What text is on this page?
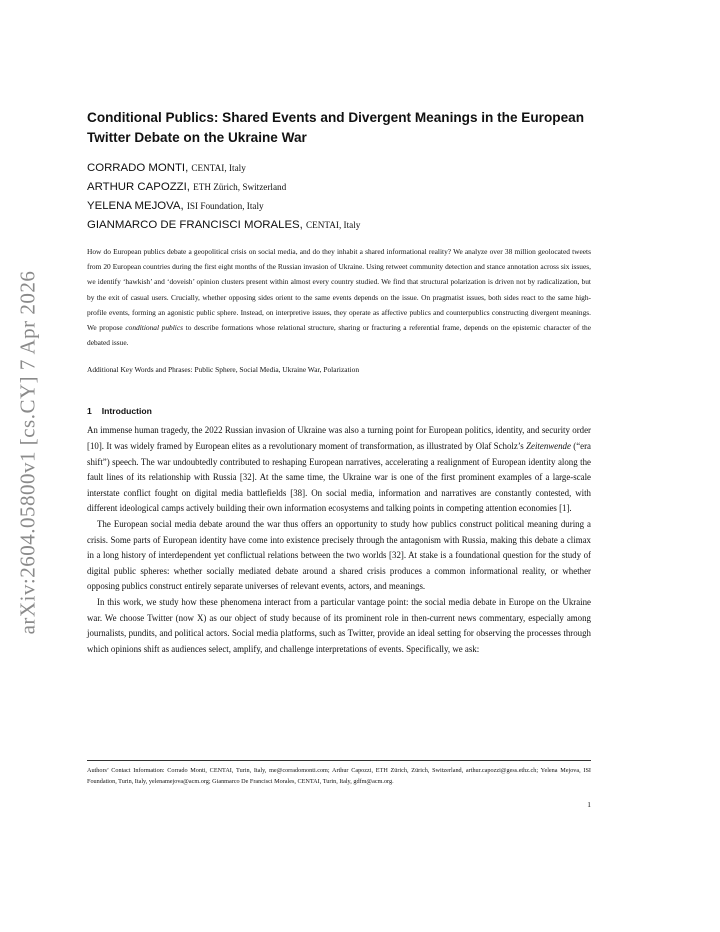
arXiv:2604.05800v1 [cs.CY] 7 Apr 2026
Conditional Publics: Shared Events and Divergent Meanings in the European Twitter Debate on the Ukraine War
CORRADO MONTI, CENTAI, Italy
ARTHUR CAPOZZI, ETH Zürich, Switzerland
YELENA MEJOVA, ISI Foundation, Italy
GIANMARCO DE FRANCISCI MORALES, CENTAI, Italy

How do European publics debate a geopolitical crisis on social media, and do they inhabit a shared informational reality? We analyze over 38 million geolocated tweets from 20 European countries during the first eight months of the Russian invasion of Ukraine. Using retweet community detection and stance annotation across six issues, we identify ‘hawkish’ and ‘doveish’ opinion clusters present within almost every country studied. We find that structural polarization is driven not by radicalization, but by the exit of casual users. Crucially, whether opposing sides orient to the same events depends on the issue. On pragmatist issues, both sides react to the same high-profile events, forming an agonistic public sphere. Instead, on interpretive issues, they operate as affective publics and counterpublics constructing divergent meanings. We propose conditional publics to describe formations whose relational structure, sharing or fracturing a referential frame, depends on the epistemic character of the debated issue.

Additional Key Words and Phrases: Public Sphere, Social Media, Ukraine War, Polarization

1 Introduction

An immense human tragedy, the 2022 Russian invasion of Ukraine was also a turning point for European politics, identity, and security order [10]. It was widely framed by European elites as a revolutionary moment of transformation, as illustrated by Olaf Scholz’s Zeitenwende (“era shift”) speech. The war undoubtedly contributed to reshaping European narratives, accelerating a realignment of European identity along the fault lines of its relationship with Russia [32]. At the same time, the Ukraine war is one of the first prominent examples of a large-scale interstate conflict fought on digital media battlefields [38]. On social media, information and narratives are constantly contested, with different ideological camps actively building their own information ecosystems and talking points in competing attention economies [1].

The European social media debate around the war thus offers an opportunity to study how publics construct political meaning during a crisis. Some parts of European identity have come into existence precisely through the antagonism with Russia, making this debate a climax in a long history of interdependent yet conflictual relations between the two worlds [32]. At stake is a foundational question for the study of digital public spheres: whether socially mediated debate around a shared crisis produces a common informational reality, or whether opposing publics construct entirely separate universes of relevant events, actors, and meanings.

In this work, we study how these phenomena interact from a particular vantage point: the social media debate in Europe on the Ukraine war. We choose Twitter (now X) as our object of study because of its prominent role in then-current news commentary, especially among journalists, pundits, and political actors. Social media platforms, such as Twitter, provide an ideal setting for observing the processes through which opinions shift as audiences select, amplify, and challenge interpretations of events. Specifically, we ask:

Authors’ Contact Information: Corrado Monti, CENTAI, Turin, Italy, me@corradomonti.com; Arthur Capozzi, ETH Zürich, Zürich, Switzerland, arthur.capozzi@gess.ethz.ch; Yelena Mejova, ISI Foundation, Turin, Italy, yelenamejova@acm.org; Gianmarco De Francisci Morales, CENTAI, Turin, Italy, gdfm@acm.org.

1
